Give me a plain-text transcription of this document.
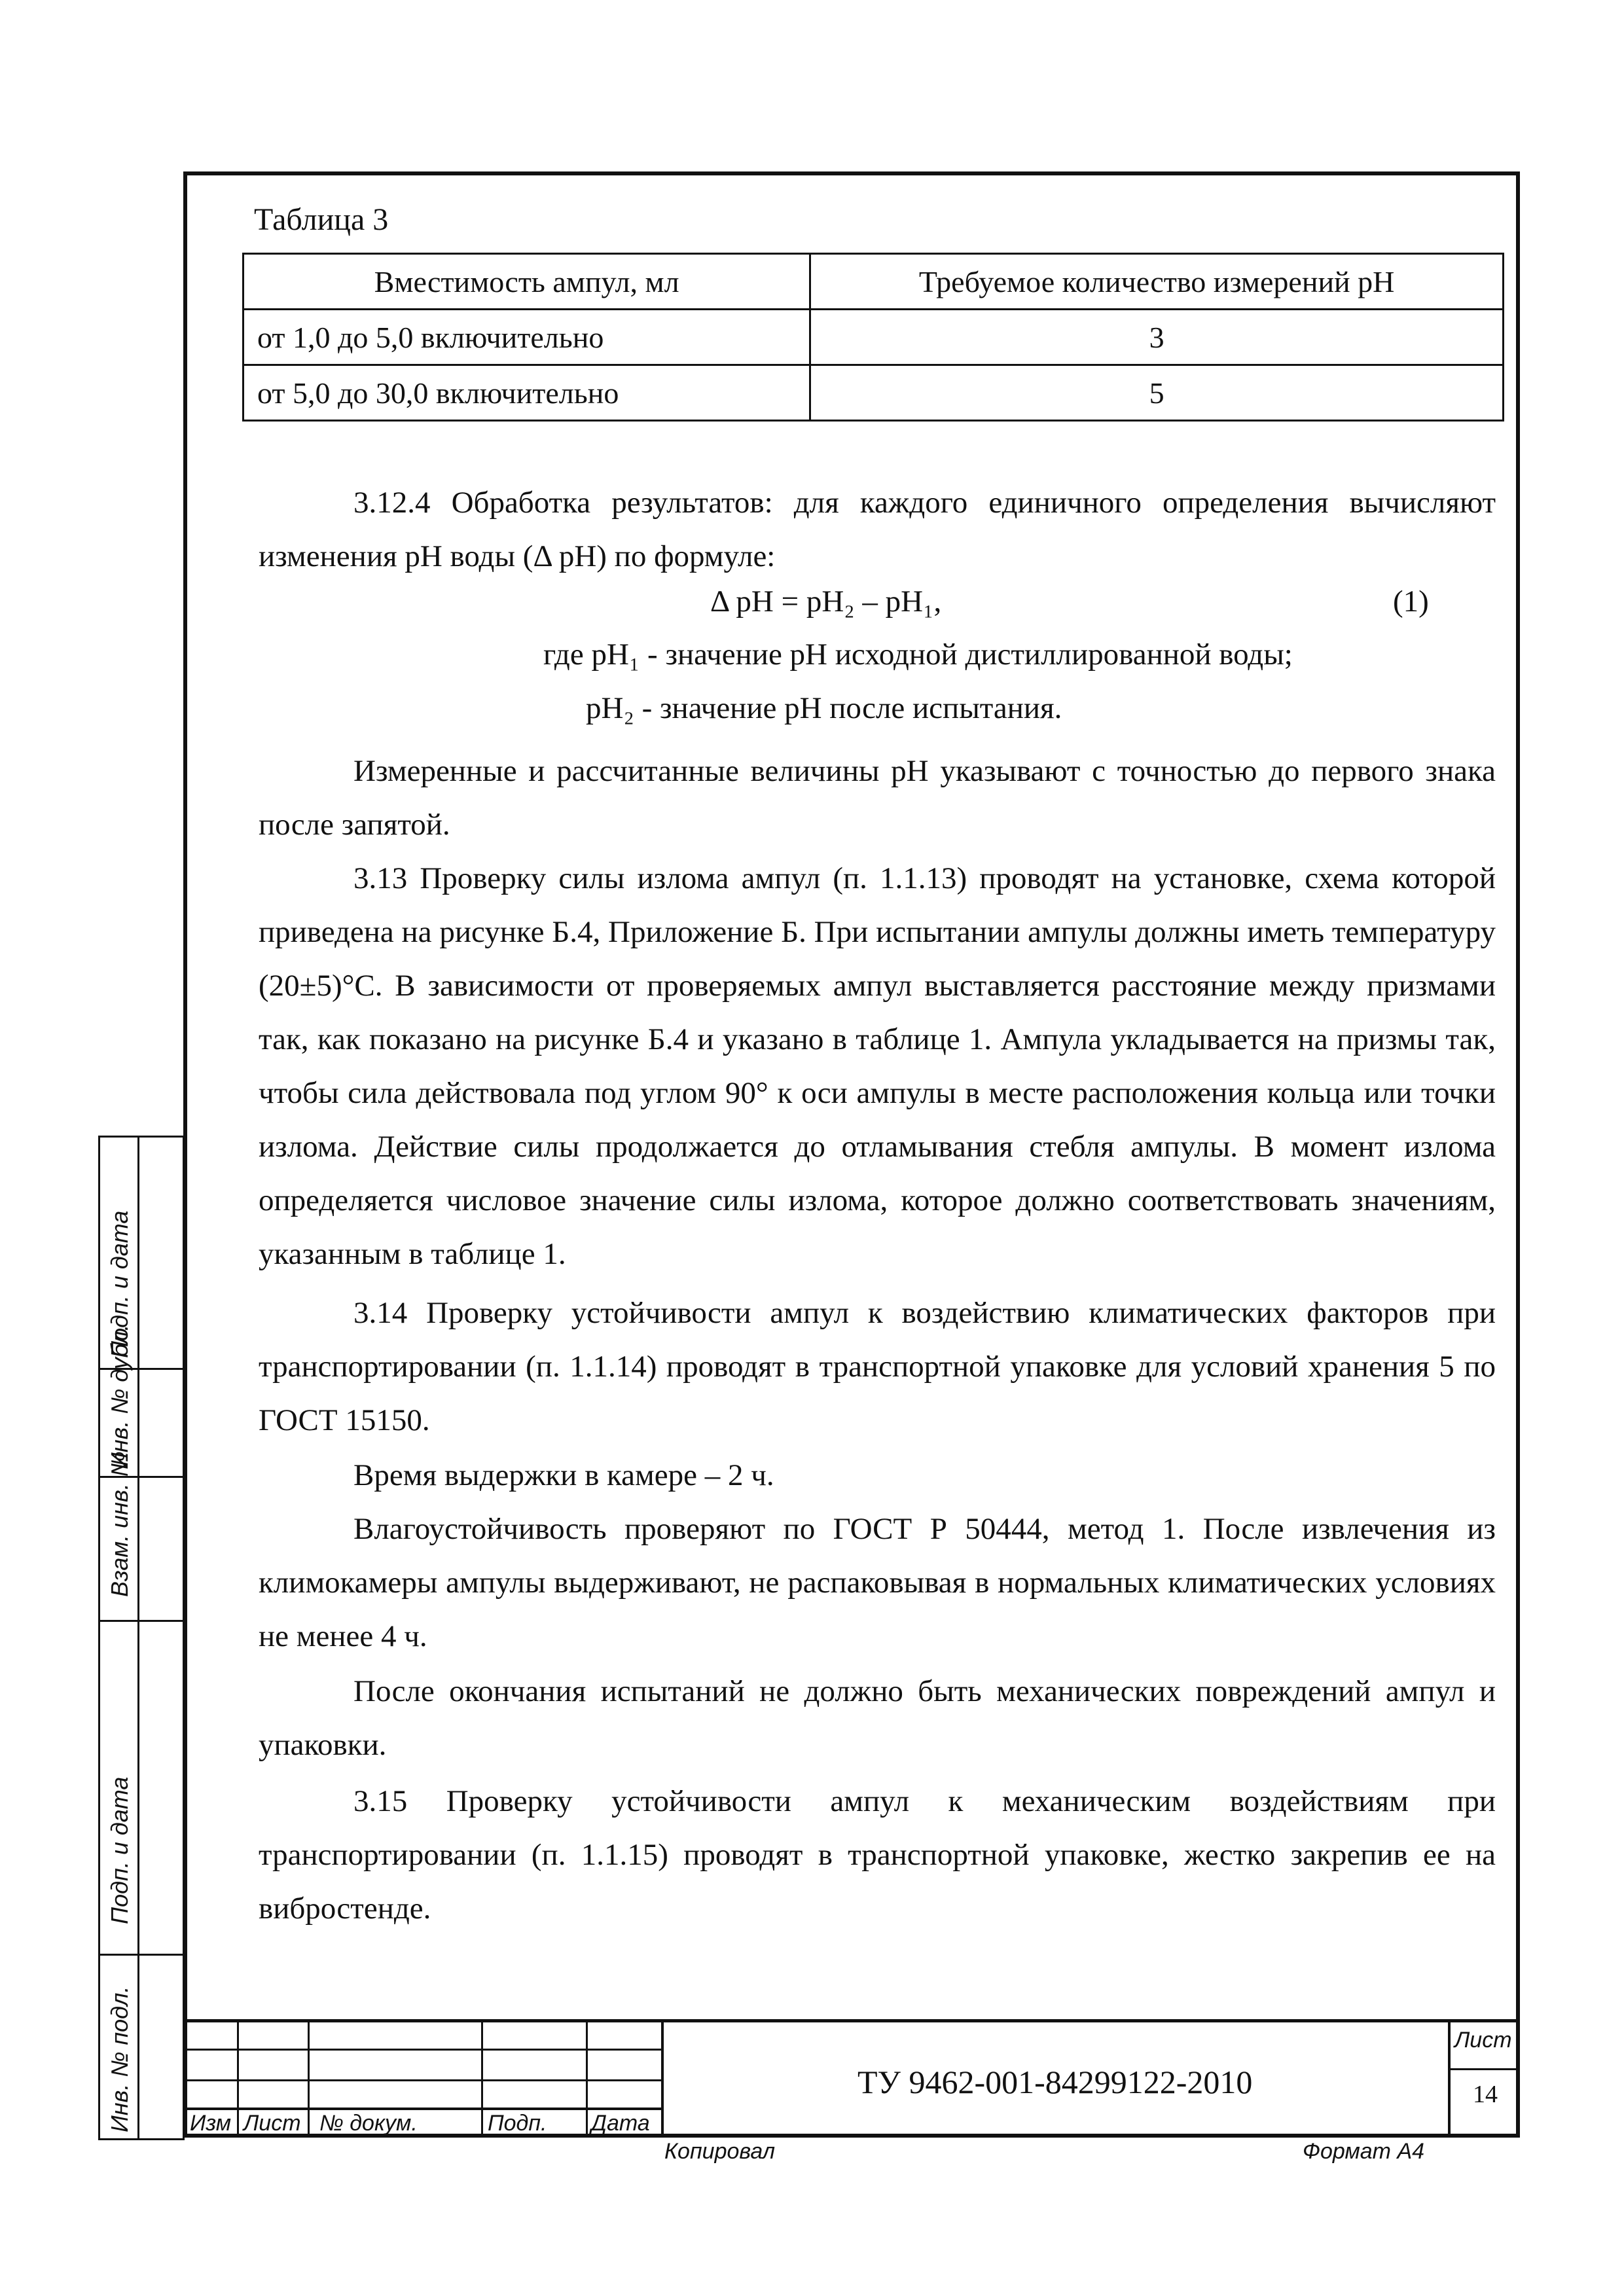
Таблица 3
Вместимость ампул, мл	Требуемое количество измерений pH
от 1,0 до 5,0 включительно	3
от 5,0 до 30,0 включительно	5
3.12.4 Обработка результатов: для каждого единичного определения вычисляют изменения pH воды (Δ pH) по формуле:
Δ pH = pH₂ – pH₁,	(1)
где pH₁ - значение pH исходной дистиллированной воды;
pH₂ - значение pH после испытания.
Измеренные и рассчитанные величины pH указывают с точностью до первого знака после запятой.
3.13 Проверку силы излома ампул (п. 1.1.13) проводят на установке, схема которой приведена на рисунке Б.4, Приложение Б. При испытании ампулы должны иметь температуру (20±5)°С. В зависимости от проверяемых ампул выставляется расстояние между призмами так, как показано на рисунке Б.4 и указано в таблице 1. Ампула укладывается на призмы так, чтобы сила действовала под углом 90° к оси ампулы в месте расположения кольца или точки излома. Действие силы продолжается до отламывания стебля ампулы. В момент излома определяется числовое значение силы излома, которое должно соответствовать значениям, указанным в таблице 1.
3.14 Проверку устойчивости ампул к воздействию климатических факторов при транспортировании (п. 1.1.14) проводят в транспортной упаковке для условий хранения 5 по ГОСТ 15150.
Время выдержки в камере – 2 ч.
Влагоустойчивость проверяют по ГОСТ Р 50444, метод 1. После извлечения из климокамеры ампулы выдерживают, не распаковывая в нормальных климатических условиях не менее 4 ч.
После окончания испытаний не должно быть механических повреждений ампул и упаковки.
3.15 Проверку устойчивости ампул к механическим воздействиям при транспортировании (п. 1.1.15) проводят в транспортной упаковке, жестко закрепив ее на вибростенде.
Инв. № подл.
Подп. и дата
Взам. инв. №
Инв. № дубл.
Подп. и дата
Изм Лист № докум.	Подп. Дата
ТУ 9462-001-84299122-2010
Лист
14
Копировал	Формат А4
